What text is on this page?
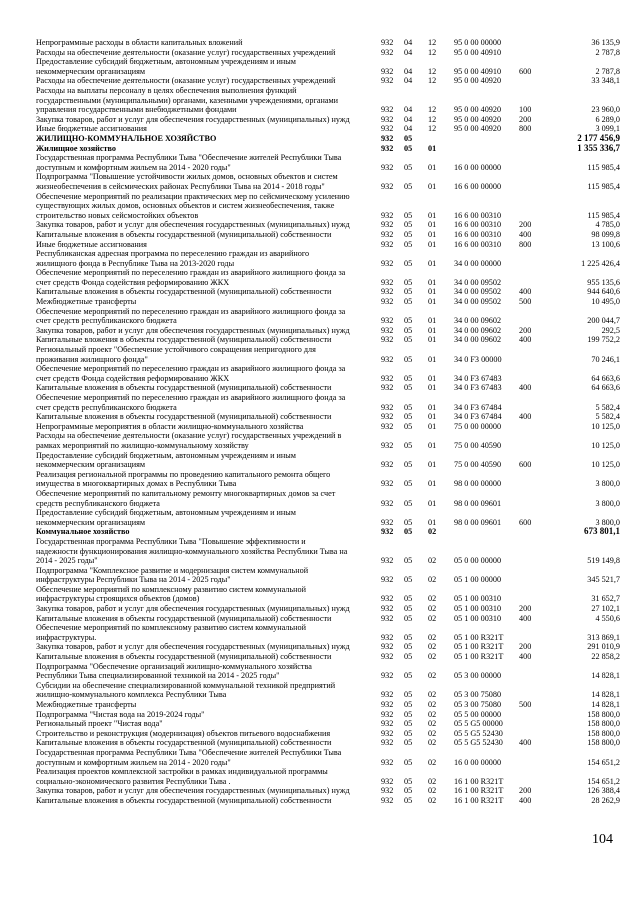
Непрограммные расходы в области капитальных вложений	932 04 12 95 0 00 00000	36 135,9
Расходы на обеспечение деятельности (оказание услуг) государственных учреждений	932 04 12 95 0 00 40910	2 787,8
Предоставление субсидий бюджетным, автономным учреждениям и иным
некоммерческим организациям	932 04 12 95 0 00 40910 600	2 787,8
Расходы на обеспечение деятельности (оказание услуг) государственных учреждений	932 04 12 95 0 00 40920	33 348,1
Расходы на выплаты персоналу в целях обеспечения выполнения функций
государственными (муниципальными) органами, казенными учреждениями, органами
управления государственными внебюджетными фондами	932 04 12 95 0 00 40920 100	23 960,0
Закупка товаров, работ и услуг для обеспечения государственных (муниципальных) нужд	932 04 12 95 0 00 40920 200	6 289,0
Иные бюджетные ассигнования	932 04 12 95 0 00 40920 800	3 099,1
ЖИЛИЩНО-КОММУНАЛЬНОЕ ХОЗЯЙСТВО	932 05	2 177 456,9
Жилищное хозяйство	932 05 01	1 355 336,7
Государственная программа Республики Тыва "Обеспечение жителей Республики Тыва
доступным и комфортным жильем на 2014 - 2020 годы"	932 05 01 16 0 00 00000	115 985,4
Подпрограмма "Повышение устойчивости жилых домов, основных объектов и систем
жизнеобеспечения в сейсмических районах Республики Тыва на 2014 - 2018 годы"	932 05 01 16 6 00 00000	115 985,4
Обеспечение мероприятий по реализации практических мер по сейсмическому усилению
существующих жилых домов, основных объектов и систем жизнеобеспечения, также
строительство новых сейсмостойких объектов	932 05 01 16 6 00 00310	115 985,4
Закупка товаров, работ и услуг для обеспечения государственных (муниципальных) нужд	932 05 01 16 6 00 00310 200	4 785,0
Капитальные вложения в объекты государственной (муниципальной) собственности	932 05 01 16 6 00 00310 400	98 099,8
Иные бюджетные ассигнования	932 05 01 16 6 00 00310 800	13 100,6
Республиканская адресная программа по переселению граждан из аварийного
жилищного фонда в Республике Тыва на 2013-2020 годы	932 05 01 34 0 00 00000	1 225 426,4
Обеспечение мероприятий по переселению граждан из аварийного жилищного фонда за
счет средств Фонда содействия реформированию ЖКХ	932 05 01 34 0 00 09502	955 135,6
Капитальные вложения в объекты государственной (муниципальной) собственности	932 05 01 34 0 00 09502 400	944 640,6
Межбюджетные трансферты	932 05 01 34 0 00 09502 500	10 495,0
Обеспечение мероприятий по переселению граждан из аварийного жилищного фонда за
счет средств республиканского бюджета	932 05 01 34 0 00 09602	200 044,7
Закупка товаров, работ и услуг для обеспечения государственных (муниципальных) нужд	932 05 01 34 0 00 09602 200	292,5
Капитальные вложения в объекты государственной (муниципальной) собственности	932 05 01 34 0 00 09602 400	199 752,2
Региональный проект "Обеспечение устойчивого сокращения непригодного для
проживания жилищного фонда"	932 05 01 34 0 F3 00000	70 246,1
Обеспечение мероприятий по переселению граждан из аварийного жилищного фонда за
счет средств Фонда содействия реформированию ЖКХ	932 05 01 34 0 F3 67483	64 663,6
Капитальные вложения в объекты государственной (муниципальной) собственности	932 05 01 34 0 F3 67483 400	64 663,6
Обеспечение мероприятий по переселению граждан из аварийного жилищного фонда за
счет средств республиканского бюджета	932 05 01 34 0 F3 67484	5 582,4
Капитальные вложения в объекты государственной (муниципальной) собственности	932 05 01 34 0 F3 67484 400	5 582,4
Непрограммные мероприятия в области жилищно-коммунального хозяйства	932 05 01 75 0 00 00000	10 125,0
Расходы на обеспечение деятельности (оказание услуг) государственных учреждений в
рамках мероприятий по жилищно-коммунальному хозяйству	932 05 01 75 0 00 40590	10 125,0
Предоставление субсидий бюджетным, автономным учреждениям и иным
некоммерческим организациям	932 05 01 75 0 00 40590 600	10 125,0
Реализация региональной программы по проведению капитального ремонта общего
имущества в многоквартирных домах в Республики Тыва	932 05 01 98 0 00 00000	3 800,0
Обеспечение мероприятий по капитальному ремонту многоквартирных домов за счет
средств республиканского бюджета	932 05 01 98 0 00 09601	3 800,0
Предоставление субсидий бюджетным, автономным учреждениям и иным
некоммерческим организациям	932 05 01 98 0 00 09601 600	3 800,0
Коммунальное хозяйство	932 05 02	673 801,1
Государственная программа Республики Тыва "Повышение эффективности и
надежности функционирования жилищно-коммунального хозяйства Республики Тыва на
2014 - 2025 годы"	932 05 02 05 0 00 00000	519 149,8
Подпрограмма "Комплексное развитие и модернизация систем коммунальной
инфраструктуры Республики Тыва на 2014 - 2025 годы"	932 05 02 05 1 00 00000	345 521,7
Обеспечение мероприятий по комплексному развитию систем коммунальной
инфраструктуры строящихся объектов (домов)	932 05 02 05 1 00 00310	31 652,7
Закупка товаров, работ и услуг для обеспечения государственных (муниципальных) нужд	932 05 02 05 1 00 00310 200	27 102,1
Капитальные вложения в объекты государственной (муниципальной) собственности	932 05 02 05 1 00 00310 400	4 550,6
Обеспечение мероприятий по комплексному развитию систем коммунальной
инфраструктуры.	932 05 02 05 1 00 R321T	313 869,1
Закупка товаров, работ и услуг для обеспечения государственных (муниципальных) нужд	932 05 02 05 1 00 R321T 200	291 010,9
Капитальные вложения в объекты государственной (муниципальной) собственности	932 05 02 05 1 00 R321T 400	22 858,2
Подпрограмма "Обеспечение организаций жилищно-коммунального хозяйства
Республики Тыва специализированной техникой на 2014 - 2025 годы"	932 05 02 05 3 00 00000	14 828,1
Субсидии на обеспечение специализированной коммунальной техникой предприятий
жилищно-коммунального комплекса Республики Тыва	932 05 02 05 3 00 75080	14 828,1
Межбюджетные трансферты	932 05 02 05 3 00 75080 500	14 828,1
Подпрограмма "Чистая вода на 2019-2024 годы"	932 05 02 05 5 00 00000	158 800,0
Региональный проект "Чистая вода"	932 05 02 05 5 G5 00000	158 800,0
Строительство и реконструкция (модернизация) объектов питьевого водоснабжения	932 05 02 05 5 G5 52430	158 800,0
Капитальные вложения в объекты государственной (муниципальной) собственности	932 05 02 05 5 G5 52430 400	158 800,0
Государственная программа Республики Тыва "Обеспечение жителей Республики Тыва
доступным и комфортным жильем на 2014 - 2020 годы"	932 05 02 16 0 00 00000	154 651,2
Реализация проектов комплексной застройки в рамках индивидуальной программы
социально-экономического развития Республики Тыва .	932 05 02 16 1 00 R321T	154 651,2
Закупка товаров, работ и услуг для обеспечения государственных (муниципальных) нужд	932 05 02 16 1 00 R321T 200	126 388,4
Капитальные вложения в объекты государственной (муниципальной) собственности	932 05 02 16 1 00 R321T 400	28 262,9
104
